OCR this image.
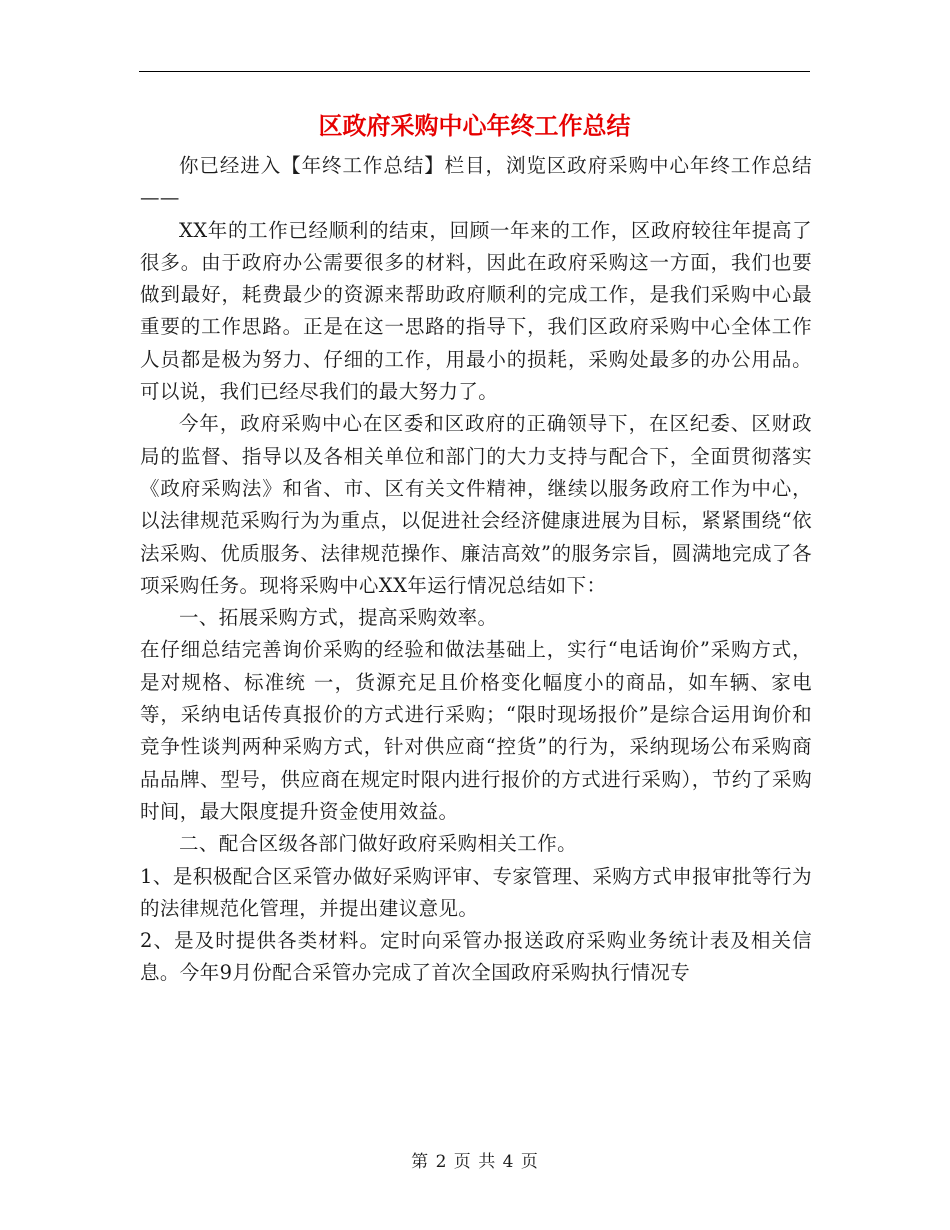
区政府采购中心年终工作总结

你已经进入【年终工作总结】栏目，浏览区政府采购中心年终工作总结——

XX年的工作已经顺利的结束，回顾一年来的工作，区政府较往年提高了很多。由于政府办公需要很多的材料，因此在政府采购这一方面，我们也要做到最好，耗费最少的资源来帮助政府顺利的完成工作，是我们采购中心最重要的工作思路。正是在这一思路的指导下，我们区政府采购中心全体工作人员都是极为努力、仔细的工作，用最小的损耗，采购处最多的办公用品。可以说，我们已经尽我们的最大努力了。

今年，政府采购中心在区委和区政府的正确领导下，在区纪委、区财政局的监督、指导以及各相关单位和部门的大力支持与配合下，全面贯彻落实《政府采购法》和省、市、区有关文件精神，继续以服务政府工作为中心，以法律规范采购行为为重点，以促进社会经济健康进展为目标，紧紧围绕“依法采购、优质服务、法律规范操作、廉洁高效”的服务宗旨，圆满地完成了各项采购任务。现将采购中心XX年运行情况总结如下：

一、拓展采购方式，提高采购效率。

在仔细总结完善询价采购的经验和做法基础上，实行“电话询价”采购方式，是对规格、标准统 一，货源充足且价格变化幅度小的商品，如车辆、家电等，采纳电话传真报价的方式进行采购；“限时现场报价”是综合运用询价和竞争性谈判两种采购方式，针对供应商“控货”的行为，采纳现场公布采购商品品牌、型号，供应商在规定时限内进行报价的方式进行采购），节约了采购时间，最大限度提升资金使用效益。

二、配合区级各部门做好政府采购相关工作。

1、是积极配合区采管办做好采购评审、专家管理、采购方式申报审批等行为的法律规范化管理，并提出建议意见。

2、是及时提供各类材料。定时向采管办报送政府采购业务统计表及相关信息。今年9月份配合采管办完成了首次全国政府采购执行情况专

第 2 页 共 4 页
